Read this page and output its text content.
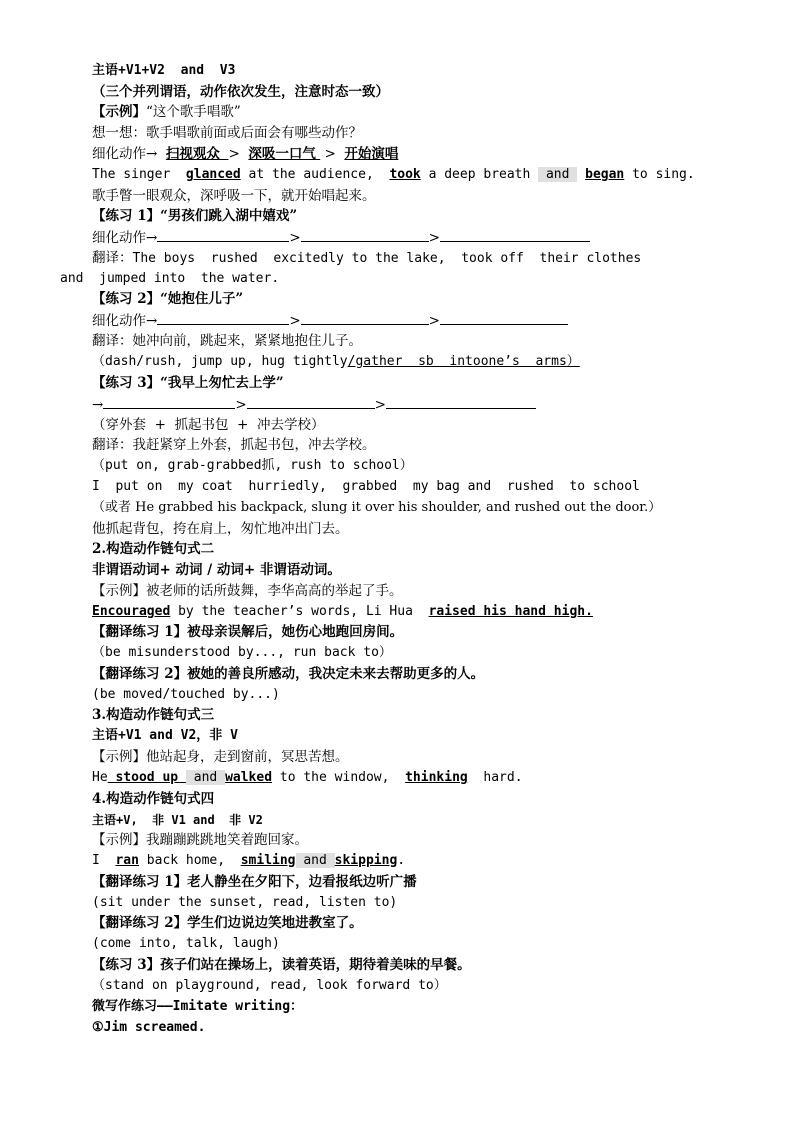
主语+V1+V2  and  V3
（三个并列谓语，动作依次发生，注意时态一致）
【示例】“这个歌手唱歌”
想一想：歌手唱歌前面或后面会有哪些动作？
细化动作→ 扫视观众 > 深吸一口气 > 开始演唱
The singer  glanced at the audience,  took a deep breath  and began to sing.
歌手瞥一眼观众，深呼吸一下，就开始唱起来。
【练习 1】“男孩们跳入湖中嬉戏”
细化动作→	>	>
翻译：The boys  rushed  excitedly to the lake,  took off  their clothes
and  jumped into  the water.
【练习 2】“她抱住儿子”
细化动作→	>	>
翻译：她冲向前，跳起来，紧紧地抱住儿子。
（dash/rush, jump up, hug tightly/gather  sb  intoone’s  arms）
【练习 3】“我早上匆忙去上学”
→	>	>
（穿外套  +  抓起书包  +  冲去学校）
翻译：我赶紧穿上外套，抓起书包，冲去学校。
（put on, grab-grabbed抓, rush to school）
I  put on  my coat  hurriedly,  grabbed  my bag and  rushed  to school
（或者 He grabbed his backpack, slung it over his shoulder, and rushed out the door.）
他抓起背包，挎在肩上，匆忙地冲出门去。
2.构造动作链句式二
非谓语动词+ 动词 / 动词+ 非谓语动词。
【示例】被老师的话所鼓舞，李华高高的举起了手。
Encouraged by the teacher’s words, Li Hua  raised his hand high.
【翻译练习 1】被母亲误解后，她伤心地跑回房间。
（be misunderstood by..., run back to）
【翻译练习 2】被她的善良所感动，我决定未来去帮助更多的人。
(be moved/touched by...)
3.构造动作链句式三
主语+V1 and V2，非 V
【示例】他站起身，走到窗前，冥思苦想。
He stood up  and walked to the window,  thinking  hard.
4.构造动作链句式四
主语+V,  非 V1 and  非 V2
【示例】我蹦蹦跳跳地笑着跑回家。
I  ran back home,  smiling and skipping.
【翻译练习 1】老人静坐在夕阳下，边看报纸边听广播
(sit under the sunset, read, listen to)
【翻译练习 2】学生们边说边笑地进教室了。
(come into, talk, laugh)
【练习 3】孩子们站在操场上，读着英语，期待着美味的早餐。
（stand on playground, read, look forward to）
微写作练习——Imitate writing：
①Jim screamed.
